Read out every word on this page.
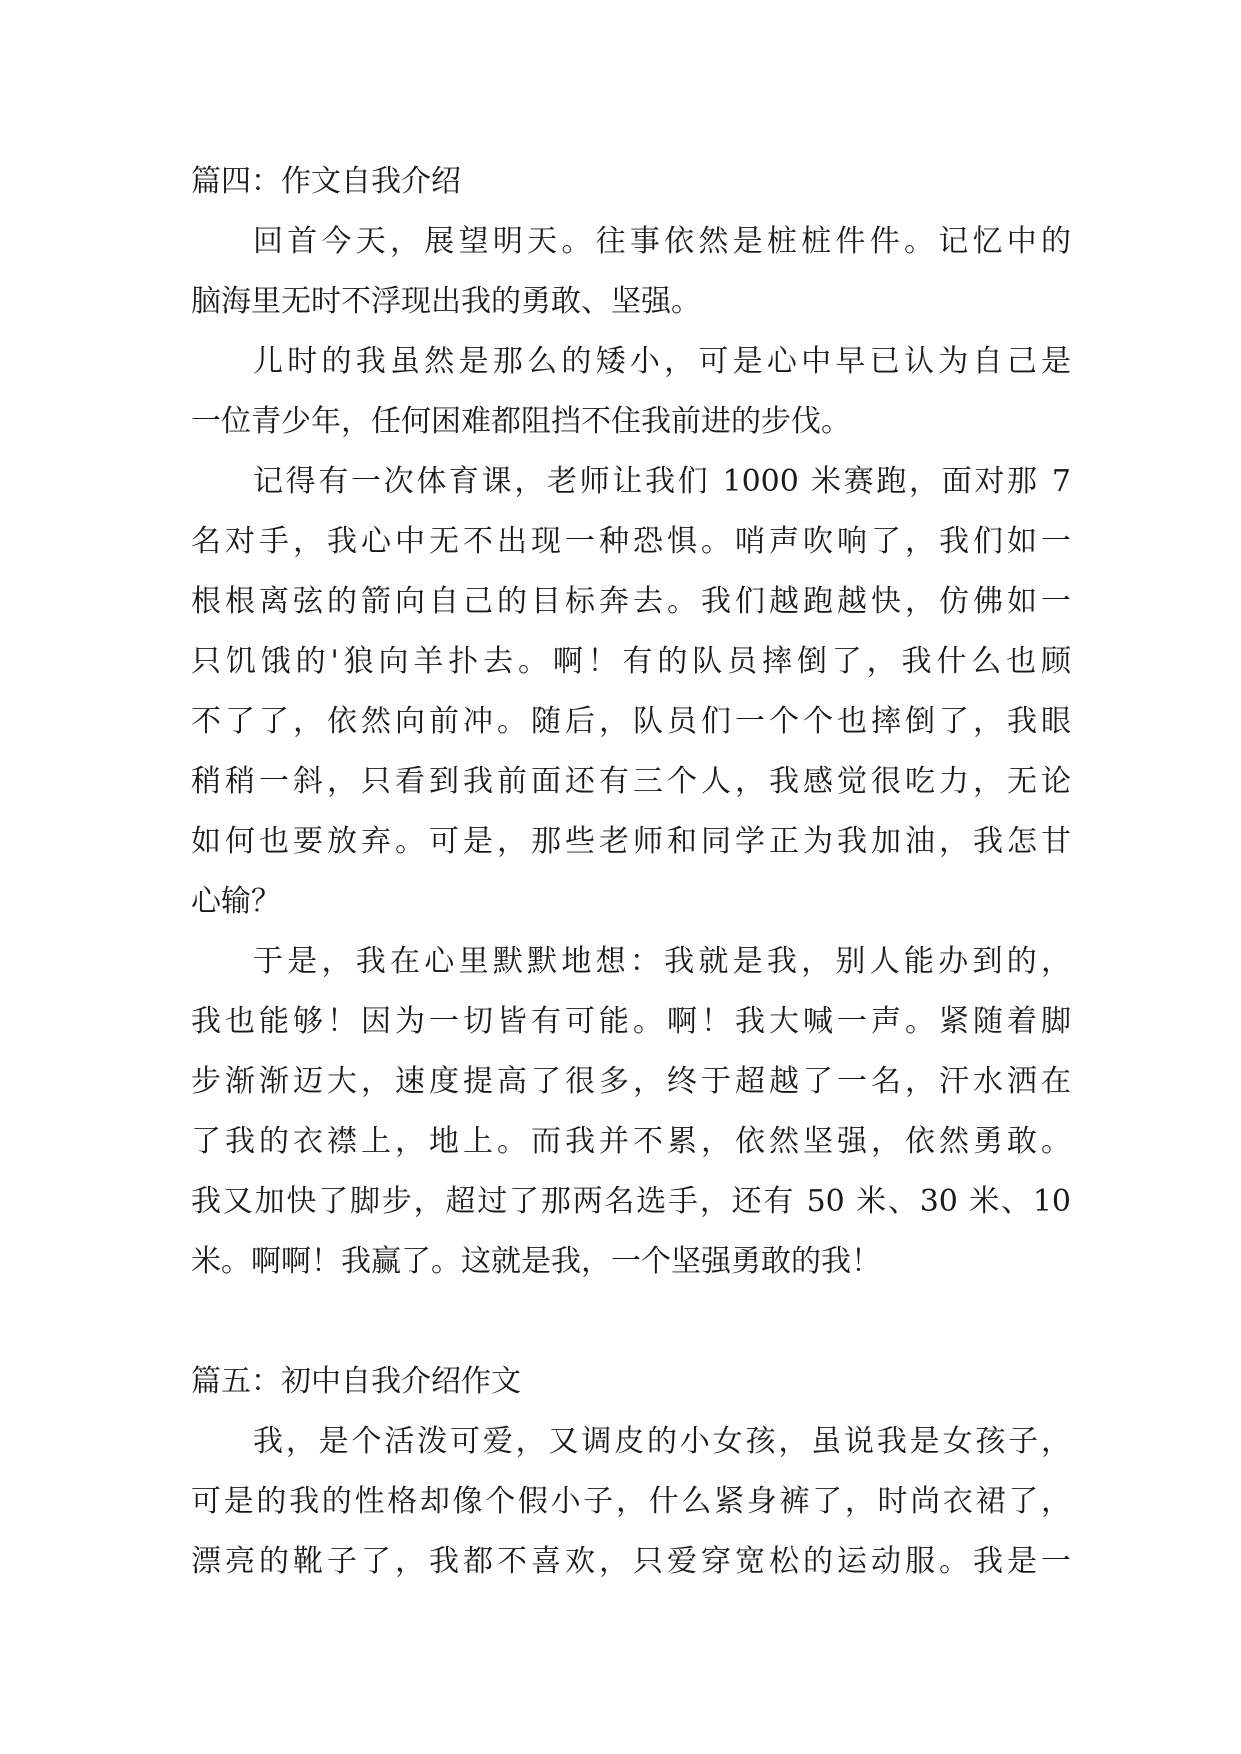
篇四：作文自我介绍
回首今天，展望明天。往事依然是桩桩件件。记忆中的
脑海里无时不浮现出我的勇敢、坚强。
儿时的我虽然是那么的矮小，可是心中早已认为自己是
一位青少年，任何困难都阻挡不住我前进的步伐。
记得有一次体育课，老师让我们 1000 米赛跑，面对那 7
名对手，我心中无不出现一种恐惧。哨声吹响了，我们如一
根根离弦的箭向自己的目标奔去。我们越跑越快，仿佛如一
只饥饿的'狼向羊扑去。啊！有的队员摔倒了，我什么也顾
不了了，依然向前冲。随后，队员们一个个也摔倒了，我眼
稍稍一斜，只看到我前面还有三个人，我感觉很吃力，无论
如何也要放弃。可是，那些老师和同学正为我加油，我怎甘
心输？
于是，我在心里默默地想：我就是我，别人能办到的，
我也能够！因为一切皆有可能。啊！我大喊一声。紧随着脚
步渐渐迈大，速度提高了很多，终于超越了一名，汗水洒在
了我的衣襟上，地上。而我并不累，依然坚强，依然勇敢。
我又加快了脚步，超过了那两名选手，还有 50 米、30 米、10
米。啊啊！我赢了。这就是我，一个坚强勇敢的我！
篇五：初中自我介绍作文
我，是个活泼可爱，又调皮的小女孩，虽说我是女孩子，
可是的我的性格却像个假小子，什么紧身裤了，时尚衣裙了，
漂亮的靴子了，我都不喜欢，只爱穿宽松的运动服。我是一
